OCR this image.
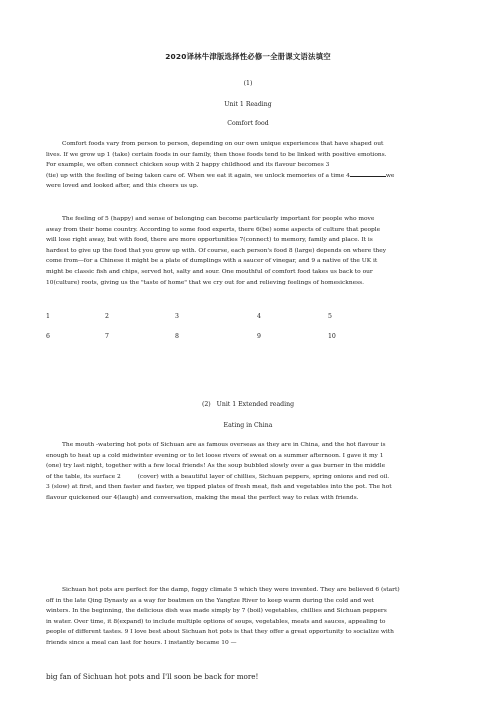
2020译林牛津版选择性必修一全册课文语法填空
(1)
Unit 1 Reading
Comfort food
Comfort foods vary from person to person, depending on our own unique experiences that have shaped out
lives. If we grow up 1 (take) certain foods in our family, then those foods tend to be linked with positive emotions.
For example, we often connect chicken soup with 2 happy childhood and its flavour becomes 3
(tie) up with the feeling of being taken care of. When we eat it again, we unlock memories of a time 4	we
were loved and looked after, and this cheers us up.
The feeling of 5 (happy) and sense of belonging can become particularly important for people who move
away from their home country. According to some food experts, there 6(be) some aspects of culture that people
will lose right away, but with food, there are more opportunities 7(connect) to memory, family and place. It is
hardest to give up the food that you grow up with. Of course, each person's food 8 (large) depends on where they
come from—for a Chinese it might be a plate of dumplings with a saucer of vinegar, and 9 a native of the UK it
might be classic fish and chips, served hot, salty and sour. One mouthful of comfort food takes us back to our
10(culture) roots, giving us the "taste of home" that we cry out for and relieving feelings of homesickness.
1	2	3	4	5
6	7	8	9	10
(2) Unit 1 Extended reading
Eating in China
The mouth -watering hot pots of Sichuan are as famous overseas as they are in China, and the hot flavour is
enough to heat up a cold midwinter evening or to let loose rivers of sweat on a summer afternoon. I gave it my 1
(one) try last night, together with a few local friends! As the soup bubbled slowly over a gas burner in the middle
of the table, its surface 2	(cover) with a beautiful layer of chillies, Sichuan peppers, spring onions and red oil.
3 (slow) at first, and then faster and faster, we tipped plates of fresh meat, fish and vegetables into the pot. The hot
flavour quickened our 4(laugh) and conversation, making the meal the perfect way to relax with friends.
Sichuan hot pots are perfect for the damp, foggy climate 5 which they were invented. They are believed 6 (start)
off in the late Qing Dynasty as a way for boatmen on the Yangtze River to keep warm during the cold and wet
winters. In the beginning, the delicious dish was made simply by 7 (boil) vegetables, chillies and Sichuan peppers
in water. Over time, it 8(expand) to include multiple options of soups, vegetables, meats and sauces, appealing to
people of different tastes. 9 I love best about Sichuan hot pots is that they offer a great opportunity to socialize with
friends since a meal can last for hours. I instantly became 10 —
big fan of Sichuan hot pots and I'll soon be back for more!
